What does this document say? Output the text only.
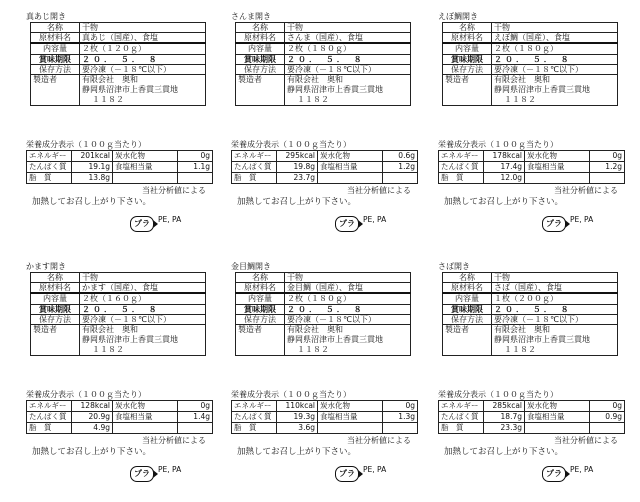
真あじ開き
名称	干物
原材料名	真あじ（国産）、食塩
内容量	２枚（１２０ｇ）
賞味期限	２０． ５． ８
保存方法	要冷凍（－１８℃以下）
製造者	有限会社　奥和
静岡県沼津市上香貫三貫地
１１８２
栄養成分表示（１００ｇ当たり）
エネルギー	201kcal	炭水化物	0g
たんぱく質	19.1g	食塩相当量	1.1g
脂　質	13.8g		
当社分析値による
加熱してお召し上がり下さい。
プラ	PE, PA
さんま開き
名称	干物
原材料名	さんま（国産）、食塩
内容量	２枚（１８０ｇ）
賞味期限	２０． ５． ８
保存方法	要冷凍（－１８℃以下）
製造者	有限会社　奥和
静岡県沼津市上香貫三貫地
１１８２
栄養成分表示（１００ｇ当たり）
エネルギー	295kcal	炭水化物	0.6g
たんぱく質	19.8g	食塩相当量	1.2g
脂　質	23.7g		
当社分析値による
加熱してお召し上がり下さい。
プラ	PE, PA
えぼ鯛開き
名称	干物
原材料名	えぼ鯛（国産）、食塩
内容量	２枚（１８０ｇ）
賞味期限	２０． ５． ８
保存方法	要冷凍（－１８℃以下）
製造者	有限会社　奥和
静岡県沼津市上香貫三貫地
１１８２
栄養成分表示（１００ｇ当たり）
エネルギー	178kcal	炭水化物	0g
たんぱく質	17.4g	食塩相当量	1.2g
脂　質	12.0g		
当社分析値による
加熱してお召し上がり下さい。
プラ	PE, PA
かます開き
名称	干物
原材料名	かます（国産）、食塩
内容量	２枚（１６０ｇ）
賞味期限	２０． ５． ８
保存方法	要冷凍（－１８℃以下）
製造者	有限会社　奥和
静岡県沼津市上香貫三貫地
１１８２
栄養成分表示（１００ｇ当たり）
エネルギー	128kcal	炭水化物	0g
たんぱく質	20.9g	食塩相当量	1.4g
脂　質	4.9g		
当社分析値による
加熱してお召し上がり下さい。
プラ	PE, PA
金目鯛開き
名称	干物
原材料名	金目鯛（国産）、食塩
内容量	２枚（１８０ｇ）
賞味期限	２０． ５． ８
保存方法	要冷凍（－１８℃以下）
製造者	有限会社　奥和
静岡県沼津市上香貫三貫地
１１８２
栄養成分表示（１００ｇ当たり）
エネルギー	110kcal	炭水化物	0g
たんぱく質	19.3g	食塩相当量	1.3g
脂　質	3.6g		
当社分析値による
加熱してお召し上がり下さい。
プラ	PE, PA
さば開き
名称	干物
原材料名	さば（国産）、食塩
内容量	１枚（２００ｇ）
賞味期限	２０． ５． ８
保存方法	要冷凍（－１８℃以下）
製造者	有限会社　奥和
静岡県沼津市上香貫三貫地
１１８２
栄養成分表示（１００ｇ当たり）
エネルギー	285kcal	炭水化物	0g
たんぱく質	18.7g	食塩相当量	0.9g
脂　質	23.3g		
当社分析値による
加熱してお召し上がり下さい。
プラ	PE, PA
